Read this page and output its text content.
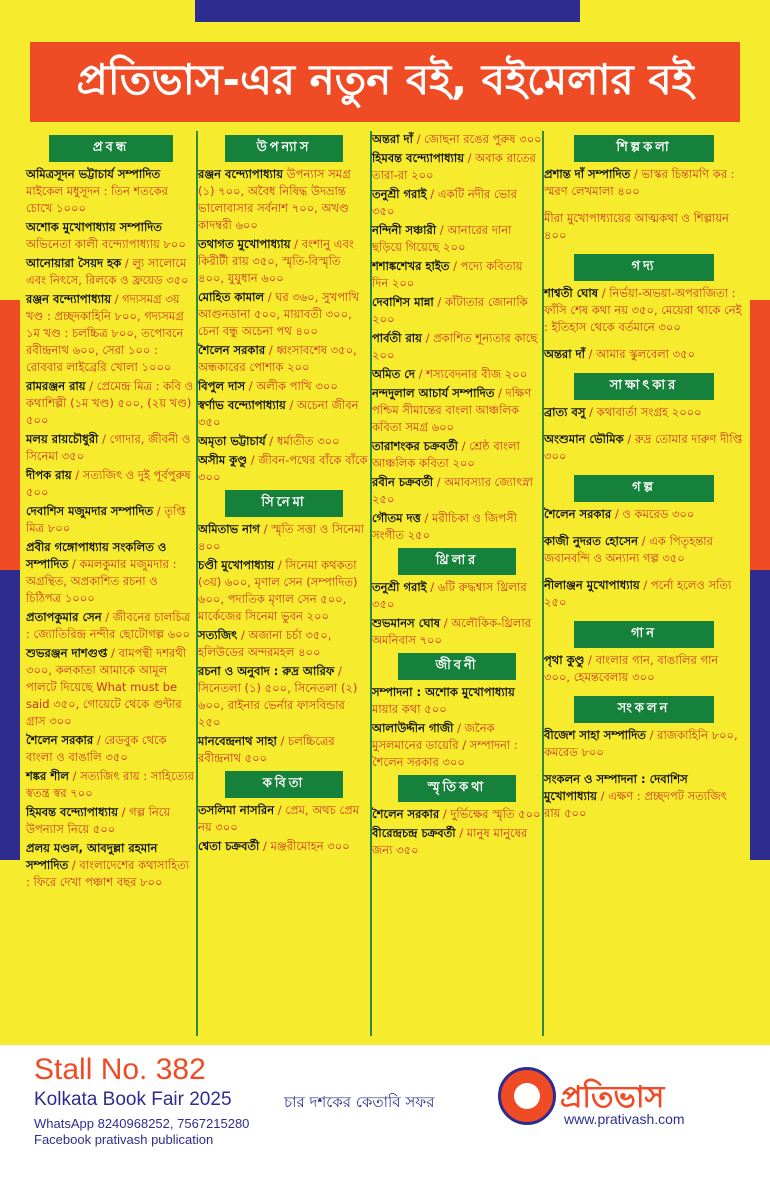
প্রতিভাস-এর নতুন বই, বইমেলার বই
প্রবন্ধ
অমিত্রসূদন ভট্টাচার্য সম্পাদিত মাইকেল মধুসূদন : তিন শতকের চোখে ১০০০
অশোক মুখোপাধ্যায় সম্পাদিত অভিনেতা কালী বন্দ্যোপাধ্যায় ৮০০
আনোয়ারা সৈয়দ হক / ল্যু সালোমে এবং নিৎসে, রিলকে ও ফ্রয়েড ৩৫০
রঞ্জন বন্দ্যোপাধ্যায় / গদ্যসমগ্র ৩য় খণ্ড : প্রচ্ছদকাহিনি ৮০০, গদ্যসমগ্র ১ম খণ্ড : চলচ্চিত্র ৮০০, তপোবনে রবীন্দ্রনাথ ৬০০, সেরা ১০০ : রোববার লাইব্রেরি খোলা ১০০০
রামরঞ্জন রায় / প্রেমেন্দ্র মিত্র : কবি ও কথাশিল্পী (১ম খণ্ড) ৫০০, (২য় খণ্ড) ৫০০
মলয় রায়চৌধুরী / গোদার, জীবনী ও সিনেমা ৩৫০
দীপক রায় / সত্যজিৎ ও দুই পূর্বপুরুষ ৫০০
দেবাশিস মজুমদার সম্পাদিত / তৃপ্তি মিত্র ৮০০
প্রবীর গঙ্গোপাধ্যায় সংকলিত ও সম্পাদিত / কমলকুমার মজুমদার : অগ্রন্থিত, অপ্রকাশিত রচনা ও চিঠিপত্র ১০০০
প্রতাপকুমার সেন / জীবনের চালচিত্র : জ্যোতিরিন্দ্র নন্দীর ছোটোগল্প ৬০০
শুভরঞ্জন দাশগুপ্ত / বামপন্থী দশরথী ৩০০, কলকাতা আমাকে আমূল পালটে দিয়েছে What must be said ৩৫০, গোয়েটে থেকে গুন্টার গ্রাস ৩০০
শৈলেন সরকার / রেডবুক থেকে বাংলা ও বাঙালি ৩৫০
শঙ্কর শীল / সত্যজিৎ রায় : সাহিত্যের স্বতন্ত্র স্বর ৭০০
হিমবন্ত বন্দ্যোপাধ্যায় / গল্প নিয়ে উপন্যাস নিয়ে ৫০০
প্রলয় মণ্ডল, আবদুল্লা রহমান সম্পাদিত / বাংলাদেশের কথাসাহিত্য : ফিরে দেখা পঞ্চাশ বছর ৮০০
উপন্যাস
রঞ্জন বন্দ্যোপাধ্যায় উপন্যাস সমগ্র (১) ৭০০, অবৈধ নিষিদ্ধ উদভ্রান্ত ভালোবাসার সর্বনাশ ৭০০, অখণ্ড কাদম্বরী ৬০০
তথাগত মুখোপাধ্যায় / বংশানু এবং কিরীটী রায় ৩৫০, স্মৃতি-বিস্মৃতি ৪০০, যুযুধান ৬০০
মোহিত কামাল / ঘর ৩৬০, সুখপাখি আগুনডানা ৫০০, মায়াবতী ৩০০, চেনা বন্ধু অচেনা পথ ৪০০
শৈলেন সরকার / ধ্বংসাবশেষ ৩৫০, অন্ধকারের পোশাক ২০০
বিপুল দাস / অলীক পাখি ৩০০
স্বর্ণাভ বন্দ্যোপাধ্যায় / অচেনা জীবন ৩৫০
অমৃতা ভট্টাচার্য / ধর্মাতীত ৩০০
অসীম কুণ্ডু / জীবন-পথের বাঁকে বাঁকে ৩০০
সিনেমা
অমিতাভ নাগ / স্মৃতি সত্তা ও সিনেমা ৪০০
চণ্ডী মুখোপাধ্যায় / সিনেমা কথকতা (৩য়) ৬০০, মৃণাল সেন (সম্পাদিত) ৬০০, পদাতিক মৃণাল সেন ৫০০, মার্কেজের সিনেমা ভুবন ২০০
সত্যজিৎ / অজানা চর্চা ৩৫০, হলিউডের অন্দরমহল ৪০০
রচনা ও অনুবাদ : রুদ্র আরিফ / সিনেতলা (১) ৫০০, সিনেতলা (২) ৬০০, রাইনার ভের্নার ফাসবিন্ডার ২৫০
মানবেন্দ্রনাথ সাহা / চলচ্চিত্রের রবীন্দ্রনাথ ৫০০
কবিতা
তসলিমা নাসরিন / প্রেম, অথচ প্রেম নয় ৩০০
শ্বেতা চক্রবর্তী / মঞ্জরীমোহন ৩০০
অন্তরা দাঁ / জোছনা রঙের পুরুষ ৩০০
হিমবন্ত বন্দ্যোপাধ্যায় / অবাক রাতের তারা-রা ২০০
তনুশ্রী গরাই / একটি নদীর ভোর ৩৫০
নন্দিনী সঞ্চারী / আনারের দানা ছড়িয়ে গিয়েছে ২০০
শশাঙ্কশেখর হাইত / পদ্যে কবিতায় দিন ২০০
দেবাশিস মান্না / কাঁটাতার জোনাকি ২০০
পার্বতী রায় / প্রকাশিত শূন্যতার কাছে ২০০
অমিত দে / শস্যবেদনার বীজ ২০০
নন্দদুলাল আচার্য সম্পাদিত / দক্ষিণ পশ্চিম সীমান্তের বাংলা আঞ্চলিক কবিতা সমগ্র ৬০০
তারাশংকর চক্রবর্তী / শ্রেষ্ঠ বাংলা আঞ্চলিক কবিতা ২০০
রবীন চক্রবর্তী / অমাবস্যার জ্যোৎস্না ২৫০
গৌতম দত্ত / মরীচিকা ও জিপসী সংগীত ২৫০
থ্রিলার
তনুশ্রী গরাই / ৬টি রুদ্ধশ্বাস থ্রিলার ৩৫০
শুভমানস ঘোষ / অলৌকিক-থ্রিলার অমনিবাস ৭০০
জীবনী
সম্পাদনা : অশোক মুখোপাধ্যায় মায়ার কথা ৫০০
আলাউদ্দীন গাজী / জনৈক মুসলমানের ডায়েরি / সম্পাদনা : শৈলেন সরকার ৩০০
স্মৃতিকথা
শৈলেন সরকার / দুর্ভিক্ষের স্মৃতি ৫০০
বীরেন্দ্রচন্দ্র চক্রবর্তী / মানুষ মানুষের জন্য ৩৫০
শিল্পকলা
প্রশান্ত দাঁ সম্পাদিত / ভাস্কর চিন্তামণি কর : স্মরণ লেখমালা ৪০০
মীরা মুখোপাধ্যায়ের আত্মকথা ও শিল্পায়ন ৪০০
গদ্য
শাশ্বতী ঘোষ / নির্ভয়া-অভয়া-অপরাজিতা : ফাঁসি শেষ কথা নয় ৩৫০, মেয়েরা থাকে নেই : ইতিহাস থেকে বর্তমানে ৩০০
অন্তরা দাঁ / আমার স্কুলবেলা ৩৫০
সাক্ষাৎকার
ব্রাত্য বসু / কথাবার্তা সংগ্রহ ২০০০
অংশুমান ভৌমিক / রুদ্র তোমার দারুণ দীপ্তি ৩০০
গল্প
শৈলেন সরকার / ও কমরেড ৩০০
কাজী নুদরত হোসেন / এক পিতৃহন্তার জবানবন্দি ও অন্যান্য গল্প ৩৫০
নীলাঞ্জন মুখোপাধ্যায় / পর্নো হলেও সত্যি ২৫০
গান
পৃথা কুণ্ডু / বাংলার গান, বাঙালির গান ৩০০, হেমন্তবেলায় ৩০০
সংকলন
বীজেশ সাহা সম্পাদিত / রাজকাহিনি ৮০০, কমরেড ৮০০
সংকলন ও সম্পাদনা : দেবাশিস মুখোপাধ্যায় / এক্ষণ : প্রচ্ছদপট সত্যজিৎ রায় ৫০০
Stall No. 382
Kolkata Book Fair 2025
WhatsApp 8240968252, 7567215280
Facebook prativash publication
চার দশকের কেতাবি সফর	প্রতিভাস
www.prativash.com
